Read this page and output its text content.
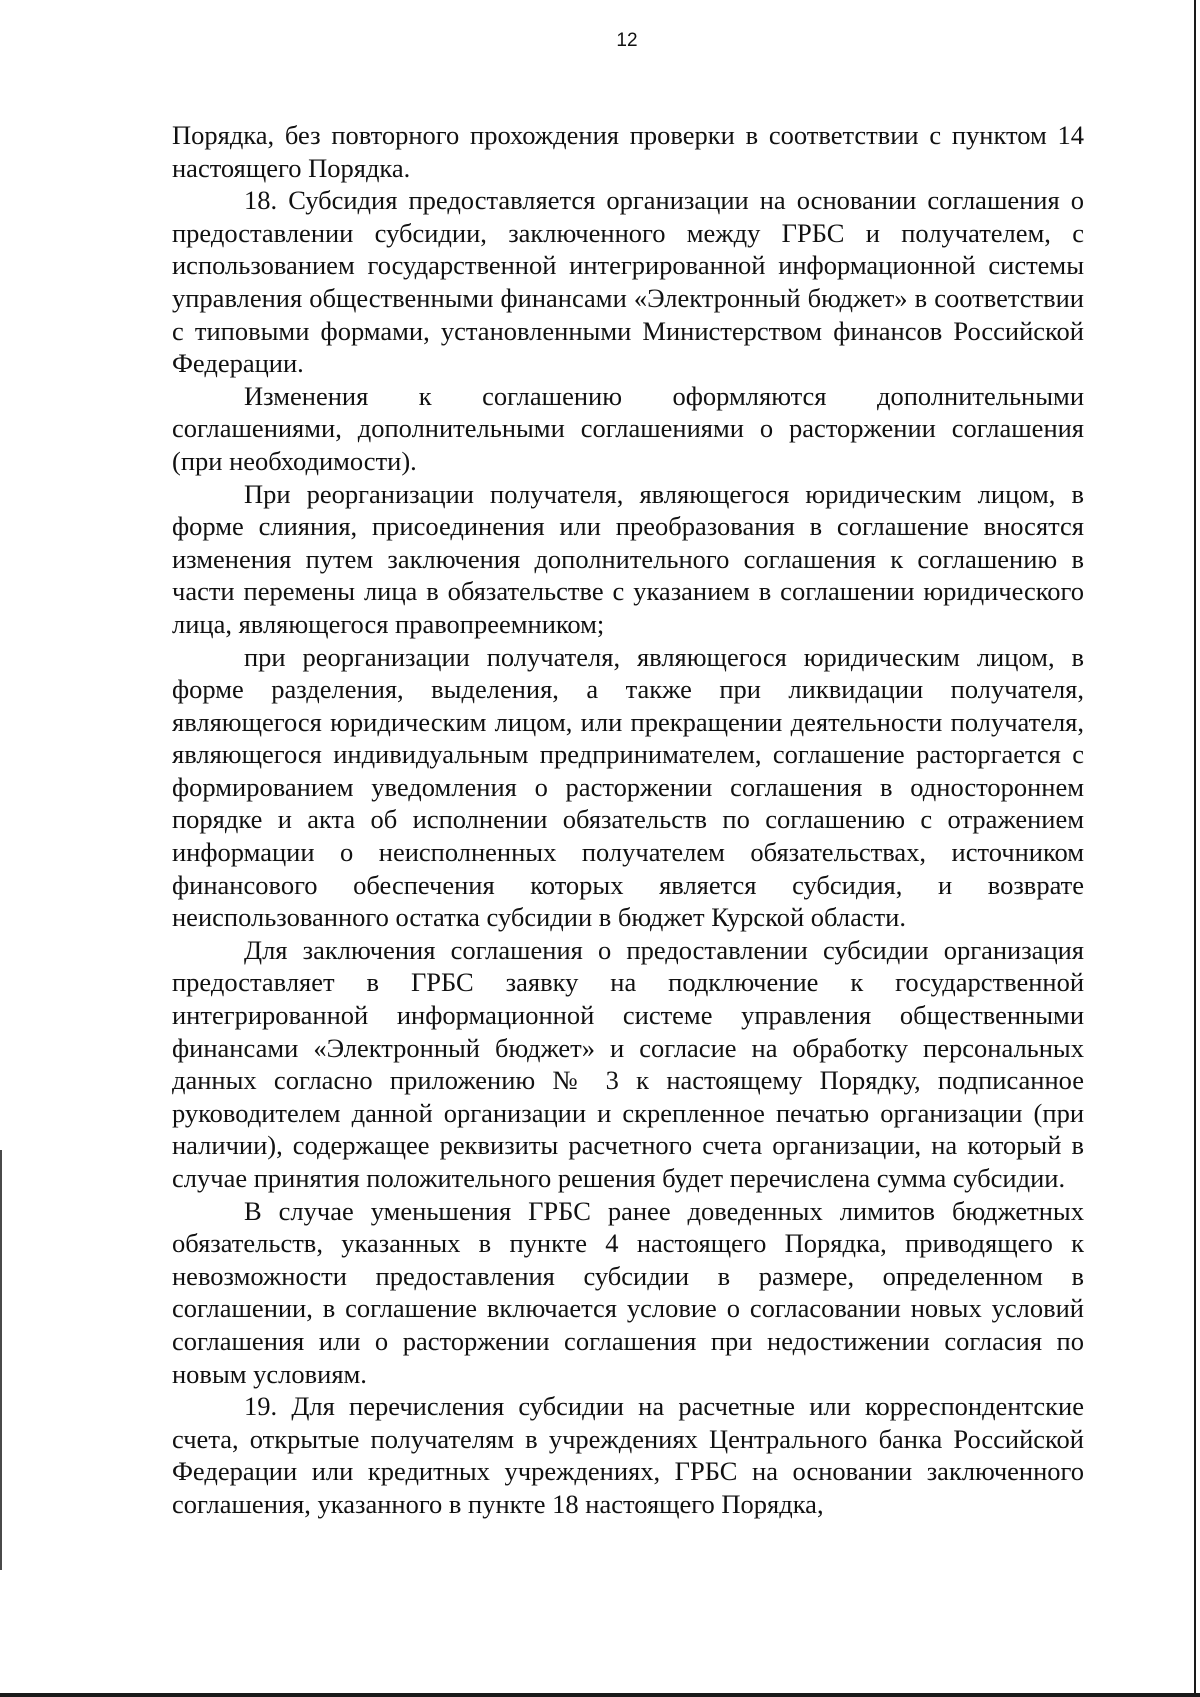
12

Порядка, без повторного прохождения проверки в соответствии с пунктом 14 настоящего Порядка.

18. Субсидия предоставляется организации на основании соглашения о предоставлении субсидии, заключенного между ГРБС и получателем, с использованием государственной интегрированной информационной системы управления общественными финансами «Электронный бюджет» в соответствии с типовыми формами, установленными Министерством финансов Российской Федерации.

Изменения к соглашению оформляются дополнительными соглашениями, дополнительными соглашениями о расторжении соглашения (при необходимости).

При реорганизации получателя, являющегося юридическим лицом, в форме слияния, присоединения или преобразования в соглашение вносятся изменения путем заключения дополнительного соглашения к соглашению в части перемены лица в обязательстве с указанием в соглашении юридического лица, являющегося правопреемником;

при реорганизации получателя, являющегося юридическим лицом, в форме разделения, выделения, а также при ликвидации получателя, являющегося юридическим лицом, или прекращении деятельности получателя, являющегося индивидуальным предпринимателем, соглашение расторгается с формированием уведомления о расторжении соглашения в одностороннем порядке и акта об исполнении обязательств по соглашению с отражением информации о неисполненных получателем обязательствах, источником финансового обеспечения которых является субсидия, и возврате неиспользованного остатка субсидии в бюджет Курской области.

Для заключения соглашения о предоставлении субсидии организация предоставляет в ГРБС заявку на подключение к государственной интегрированной информационной системе управления общественными финансами «Электронный бюджет» и согласие на обработку персональных данных согласно приложению № 3 к настоящему Порядку, подписанное руководителем данной организации и скрепленное печатью организации (при наличии), содержащее реквизиты расчетного счета организации, на который в случае принятия положительного решения будет перечислена сумма субсидии.

В случае уменьшения ГРБС ранее доведенных лимитов бюджетных обязательств, указанных в пункте 4 настоящего Порядка, приводящего к невозможности предоставления субсидии в размере, определенном в соглашении, в соглашение включается условие о согласовании новых условий соглашения или о расторжении соглашения при недостижении согласия по новым условиям.

19. Для перечисления субсидии на расчетные или корреспондентские счета, открытые получателям в учреждениях Центрального банка Российской Федерации или кредитных учреждениях, ГРБС на основании заключенного соглашения, указанного в пункте 18 настоящего Порядка,
